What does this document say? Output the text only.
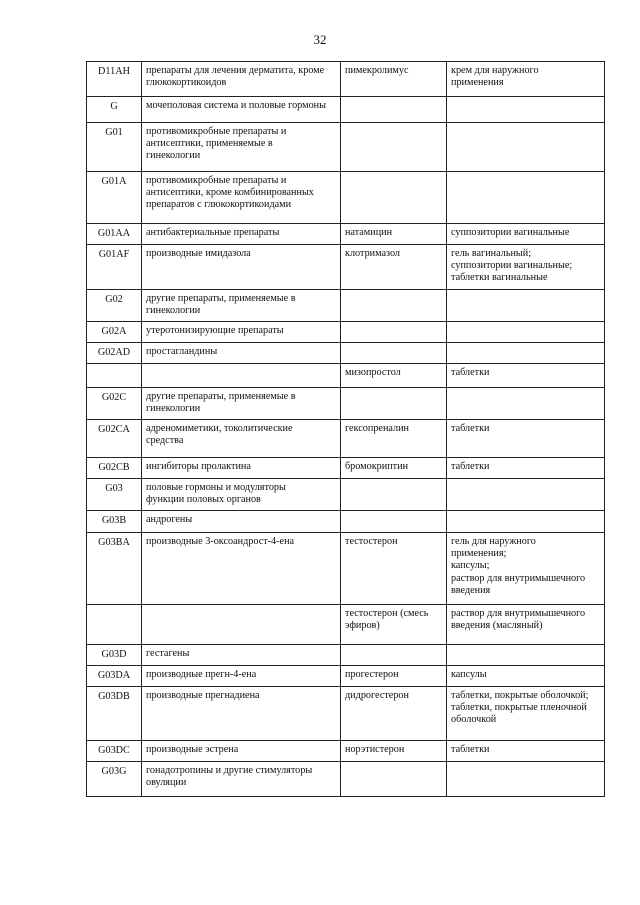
32
D11AH	препараты для лечения дерматита, кроме
глюкокортикоидов	пимекролимус	крем для наружного
применения
G	мочеполовая система и половые гормоны		
G01	противомикробные препараты и
антисептики, применяемые в
гинекологии		
G01A	противомикробные препараты и
антисептики, кроме комбинированных
препаратов с глюкокортикоидами		
G01AA	антибактериальные препараты	натамицин	суппозитории вагинальные
G01AF	производные имидазола	клотримазол	гель вагинальный;
суппозитории вагинальные;
таблетки вагинальные
G02	другие препараты, применяемые в
гинекологии		
G02A	утеротонизирующие препараты		
G02AD	простагландины		
		мизопростол	таблетки
G02C	другие препараты, применяемые в
гинекологии		
G02CA	адреномиметики, токолитические
средства	гексопреналин	таблетки
G02CB	ингибиторы пролактина	бромокриптин	таблетки
G03	половые гормоны и модуляторы
функции половых органов		
G03B	андрогены		
G03BA	производные 3-оксоандрост-4-ена	тестостерон	гель для наружного
применения;
капсулы;
раствор для внутримышечного
введения
		тестостерон (смесь
эфиров)	раствор для внутримышечного
введения (масляный)
G03D	гестагены		
G03DA	производные прегн-4-ена	прогестерон	капсулы
G03DB	производные прегнадиена	дидрогестерон	таблетки, покрытые оболочкой;
таблетки, покрытые пленочной
оболочкой
G03DC	производные эстрена	норэтистерон	таблетки
G03G	гонадотропины и другие стимуляторы
овуляции		
